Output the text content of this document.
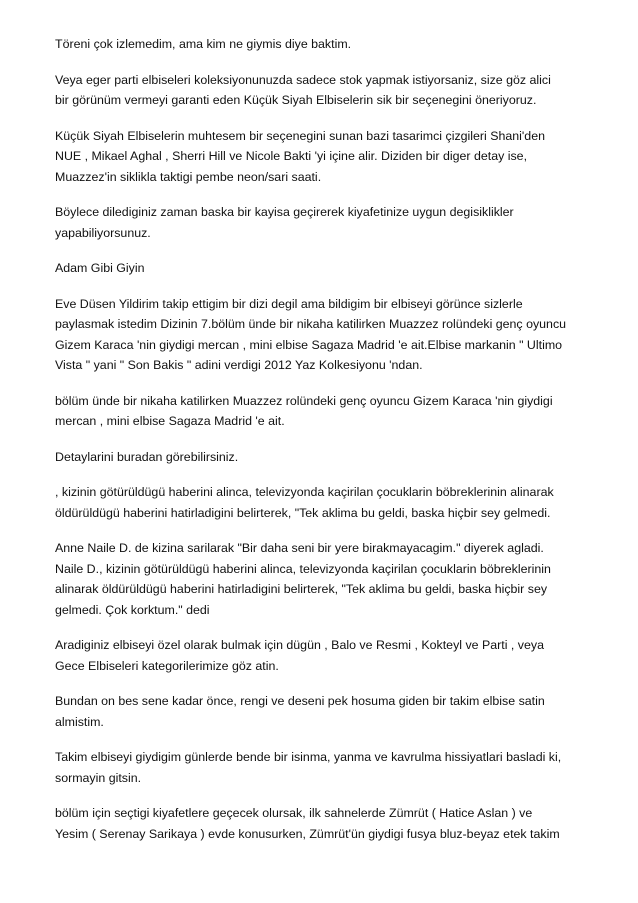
Töreni çok izlemedim, ama kim ne giymis diye baktim.

Veya eger parti elbiseleri koleksiyonunuzda sadece stok yapmak istiyorsaniz, size göz alici
bir görünüm vermeyi garanti eden Küçük Siyah Elbiselerin sik bir seçenegini öneriyoruz.

Küçük Siyah Elbiselerin muhtesem bir seçenegini sunan bazi tasarimci çizgileri Shani'den
NUE , Mikael Aghal , Sherri Hill ve Nicole Bakti 'yi içine alir. Diziden bir diger detay ise,
Muazzez'in siklikla taktigi pembe neon/sari saati.

Böylece dilediginiz zaman baska bir kayisa geçirerek kiyafetinize uygun degisiklikler
yapabiliyorsunuz.

Adam Gibi Giyin

Eve Düsen Yildirim takip ettigim bir dizi degil ama bildigim bir elbiseyi görünce sizlerle
paylasmak istedim Dizinin 7.bölüm ünde bir nikaha katilirken Muazzez rolündeki genç oyuncu
Gizem Karaca 'nin giydigi mercan , mini elbise Sagaza Madrid 'e ait.Elbise markanin " Ultimo
Vista " yani " Son Bakis " adini verdigi 2012 Yaz Kolkesiyonu 'ndan.

bölüm ünde bir nikaha katilirken Muazzez rolündeki genç oyuncu Gizem Karaca 'nin giydigi
mercan , mini elbise Sagaza Madrid 'e ait.

Detaylarini buradan görebilirsiniz.

, kizinin götürüldügü haberini alinca, televizyonda kaçirilan çocuklarin böbreklerinin alinarak
öldürüldügü haberini hatirladigini belirterek, "Tek aklima bu geldi, baska hiçbir sey gelmedi.

Anne Naile D. de kizina sarilarak "Bir daha seni bir yere birakmayacagim." diyerek agladi.
Naile D., kizinin götürüldügü haberini alinca, televizyonda kaçirilan çocuklarin böbreklerinin
alinarak öldürüldügü haberini hatirladigini belirterek, "Tek aklima bu geldi, baska hiçbir sey
gelmedi. Çok korktum." dedi

Aradiginiz elbiseyi özel olarak bulmak için dügün , Balo ve Resmi , Kokteyl ve Parti , veya
Gece Elbiseleri kategorilerimize göz atin.

Bundan on bes sene kadar önce, rengi ve deseni pek hosuma giden bir takim elbise satin
almistim.

Takim elbiseyi giydigim günlerde bende bir isinma, yanma ve kavrulma hissiyatlari basladi ki,
sormayin gitsin.

bölüm için seçtigi kiyafetlere geçecek olursak, ilk sahnelerde Zümrüt ( Hatice Aslan ) ve
Yesim ( Serenay Sarikaya ) evde konusurken, Zümrüt'ün giydigi fusya bluz-beyaz etek takim
